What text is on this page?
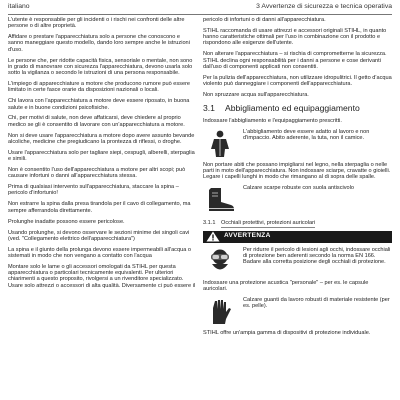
italiano	3 Avvertenze di sicurezza e tecnica operativa

L'utente è responsabile per gli incidenti o i rischi nei confronti delle altre persone o di altre proprietà.

Affidare o prestare l'apparecchiatura solo a persone che conoscono e sanno maneggiare questo modello, dando loro sempre anche le istruzioni d'uso.

Le persone che, per ridotte capacità fisica, sensoriale o mentale, non sono in grado di manovrare con sicurezza l'apparecchiatura, devono usarla solo sotto la vigilanza o secondo le istruzioni di una persona responsabile.

L'impiego di apparecchiature a motore che producono rumore può essere limitato in certe fasce orarie da disposizioni nazionali o locali.

Chi lavora con l'apparecchiatura a motore deve essere riposato, in buona salute e in buone condizioni psicofisiche.

Chi, per motivi di salute, non deve affaticarsi, deve chiedere al proprio medico se gli è consentito di lavorare con un'apparecchiatura a motore.

Non si deve usare l'apparecchiatura a motore dopo avere assunto bevande alcoliche, medicine che pregiudicano la prontezza di riflessi, o droghe.

Usare l'apparecchiatura solo per tagliare siepi, cespugli, alberelli, sterpaglia e simili.

Non è consentito l'uso dell'apparecchiatura a motore per altri scopi; può causare infortuni o danni all'apparecchiatura stessa.

Prima di qualsiasi intervento sull'apparecchiatura, staccare la spina – pericolo d'infortunio!

Non estrarre la spina dalla presa tirandola per il cavo di collegamento, ma sempre afferrandola direttamente.

Prolunghe inadatte possono essere pericolose.

Usando prolunghe, si devono osservare le sezioni minime dei singoli cavi (ved. "Collegamento elettrico dell'apparecchiatura")

La spina e il giunto della prolunga devono essere impermeabili all'acqua o sistemati in modo che non vengano a contatto con l'acqua

Montare solo le lame o gli accessori omologati da STIHL per questa apparecchiatura o particolari tecnicamente equivalenti. Per ulteriori chiarimenti a questo proposito, rivolgersi a un rivenditore specializzato. Usare solo attrezzi o accessori di alta qualità. Diversamente ci può essere il

pericolo di infortuni o di danni all'apparecchiatura.

STIHL raccomanda di usare attrezzi e accessori originali STIHL, in quanto hanno caratteristiche ottimali per l'uso in combinazione con il prodotto e rispondono alle esigenze dell'utente.

Non alterare l'apparecchiatura – si rischia di comprometterne la sicurezza. STIHL declina ogni responsabilità per i danni a persone e cose derivanti dall'uso di componenti applicati non consentiti.

Per la pulizia dell'apparecchiatura, non utilizzare idropulitrici. Il getto d'acqua violento può danneggiare i componenti dell'apparecchiatura.

Non spruzzare acqua sull'apparecchiatura.

3.1	Abbigliamento ed equipaggiamento

Indossare l'abbigliamento e l'equipaggiamento prescritti.

L'abbigliamento deve essere adatto al lavoro e non d'impaccio. Abito aderente, la tuta, non il camice.

Non portare abiti che possano impigliarsi nel legno, nella sterpaglia o nelle parti in moto dell'apparecchiatura. Non indossare sciarpe, cravatte o gioielli. Legare i capelli lunghi in modo che rimangano al di sopra delle spalle.

Calzare scarpe robuste con suola antiscivolo
3.1.1 Occhiali protettivi, protezioni auricolari
AVVERTENZA
Per ridurre il pericolo di lesioni agli occhi, indossare occhiali di protezione ben aderenti secondo la norma EN 166. Badare alla corretta posizione degli occhiali di protezione.

Indossare una protezione acustica "personale" – per es. le capsule auricolari.

Calzare guanti da lavoro robusti di materiale resistente (per es. pelle).

STIHL offre un'ampia gamma di dispositivi di protezione individuale.
